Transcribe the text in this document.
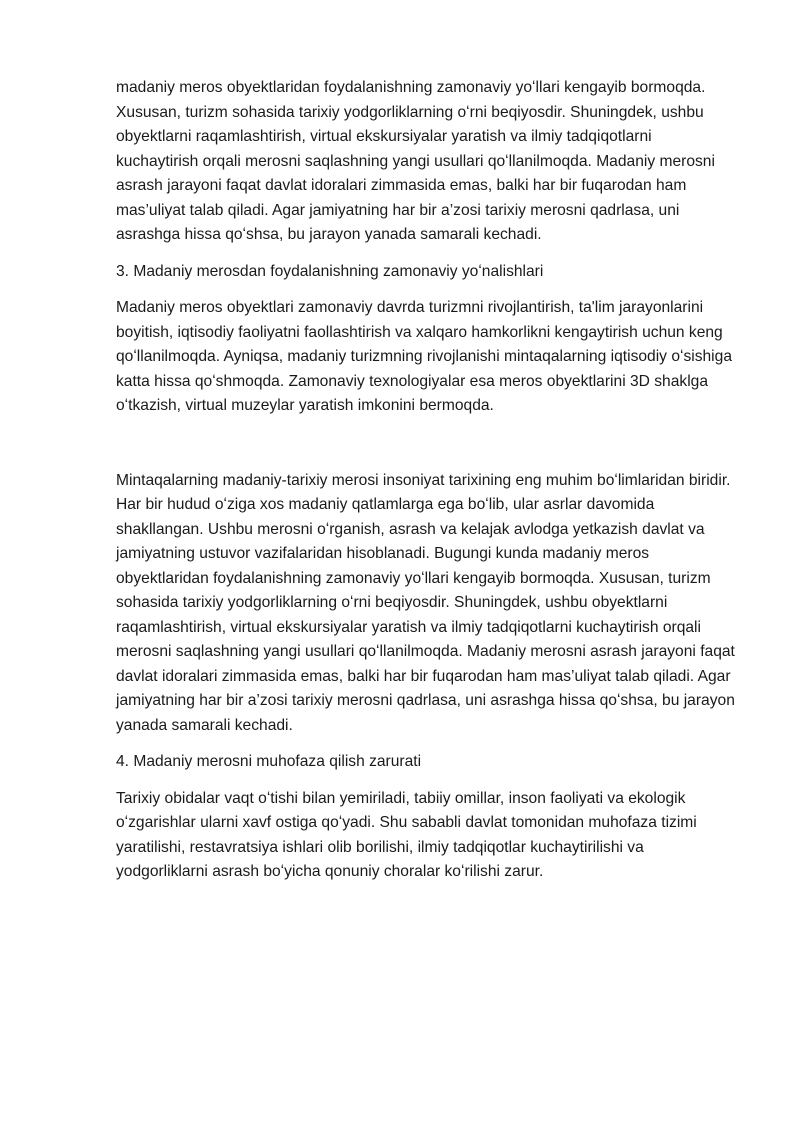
madaniy meros obyektlaridan foydalanishning zamonaviy yoʻllari kengayib bormoqda. Xususan, turizm sohasida tarixiy yodgorliklarning oʻrni beqiyosdir. Shuningdek, ushbu obyektlarni raqamlashtirish, virtual ekskursiyalar yaratish va ilmiy tadqiqotlarni kuchaytirish orqali merosni saqlashning yangi usullari qoʻllanilmoqda. Madaniy merosni asrash jarayoni faqat davlat idoralari zimmasida emas, balki har bir fuqarodan ham mas’uliyat talab qiladi. Agar jamiyatning har bir a’zosi tarixiy merosni qadrlasa, uni asrashga hissa qoʻshsa, bu jarayon yanada samarali kechadi.

3. Madaniy merosdan foydalanishning zamonaviy yoʻnalishlari

Madaniy meros obyektlari zamonaviy davrda turizmni rivojlantirish, ta'lim jarayonlarini boyitish, iqtisodiy faoliyatni faollashtirish va xalqaro hamkorlikni kengaytirish uchun keng qoʻllanilmoqda. Ayniqsa, madaniy turizmning rivojlanishi mintaqalarning iqtisodiy oʻsishiga katta hissa qoʻshmoqda. Zamonaviy texnologiyalar esa meros obyektlarini 3D shaklga oʻtkazish, virtual muzeylar yaratish imkonini bermoqda.

Mintaqalarning madaniy-tarixiy merosi insoniyat tarixining eng muhim boʻlimlaridan biridir. Har bir hudud oʻziga xos madaniy qatlamlarga ega boʻlib, ular asrlar davomida shakllangan. Ushbu merosni oʻrganish, asrash va kelajak avlodga yetkazish davlat va jamiyatning ustuvor vazifalaridan hisoblanadi. Bugungi kunda madaniy meros obyektlaridan foydalanishning zamonaviy yoʻllari kengayib bormoqda. Xususan, turizm sohasida tarixiy yodgorliklarning oʻrni beqiyosdir. Shuningdek, ushbu obyektlarni raqamlashtirish, virtual ekskursiyalar yaratish va ilmiy tadqiqotlarni kuchaytirish orqali merosni saqlashning yangi usullari qoʻllanilmoqda. Madaniy merosni asrash jarayoni faqat davlat idoralari zimmasida emas, balki har bir fuqarodan ham mas’uliyat talab qiladi. Agar jamiyatning har bir a’zosi tarixiy merosni qadrlasa, uni asrashga hissa qoʻshsa, bu jarayon yanada samarali kechadi.

4. Madaniy merosni muhofaza qilish zarurati

Tarixiy obidalar vaqt oʻtishi bilan yemiriladi, tabiiy omillar, inson faoliyati va ekologik oʻzgarishlar ularni xavf ostiga qoʻyadi. Shu sababli davlat tomonidan muhofaza tizimi yaratilishi, restavratsiya ishlari olib borilishi, ilmiy tadqiqotlar kuchaytirilishi va yodgorliklarni asrash boʻyicha qonuniy choralar koʻrilishi zarur.
